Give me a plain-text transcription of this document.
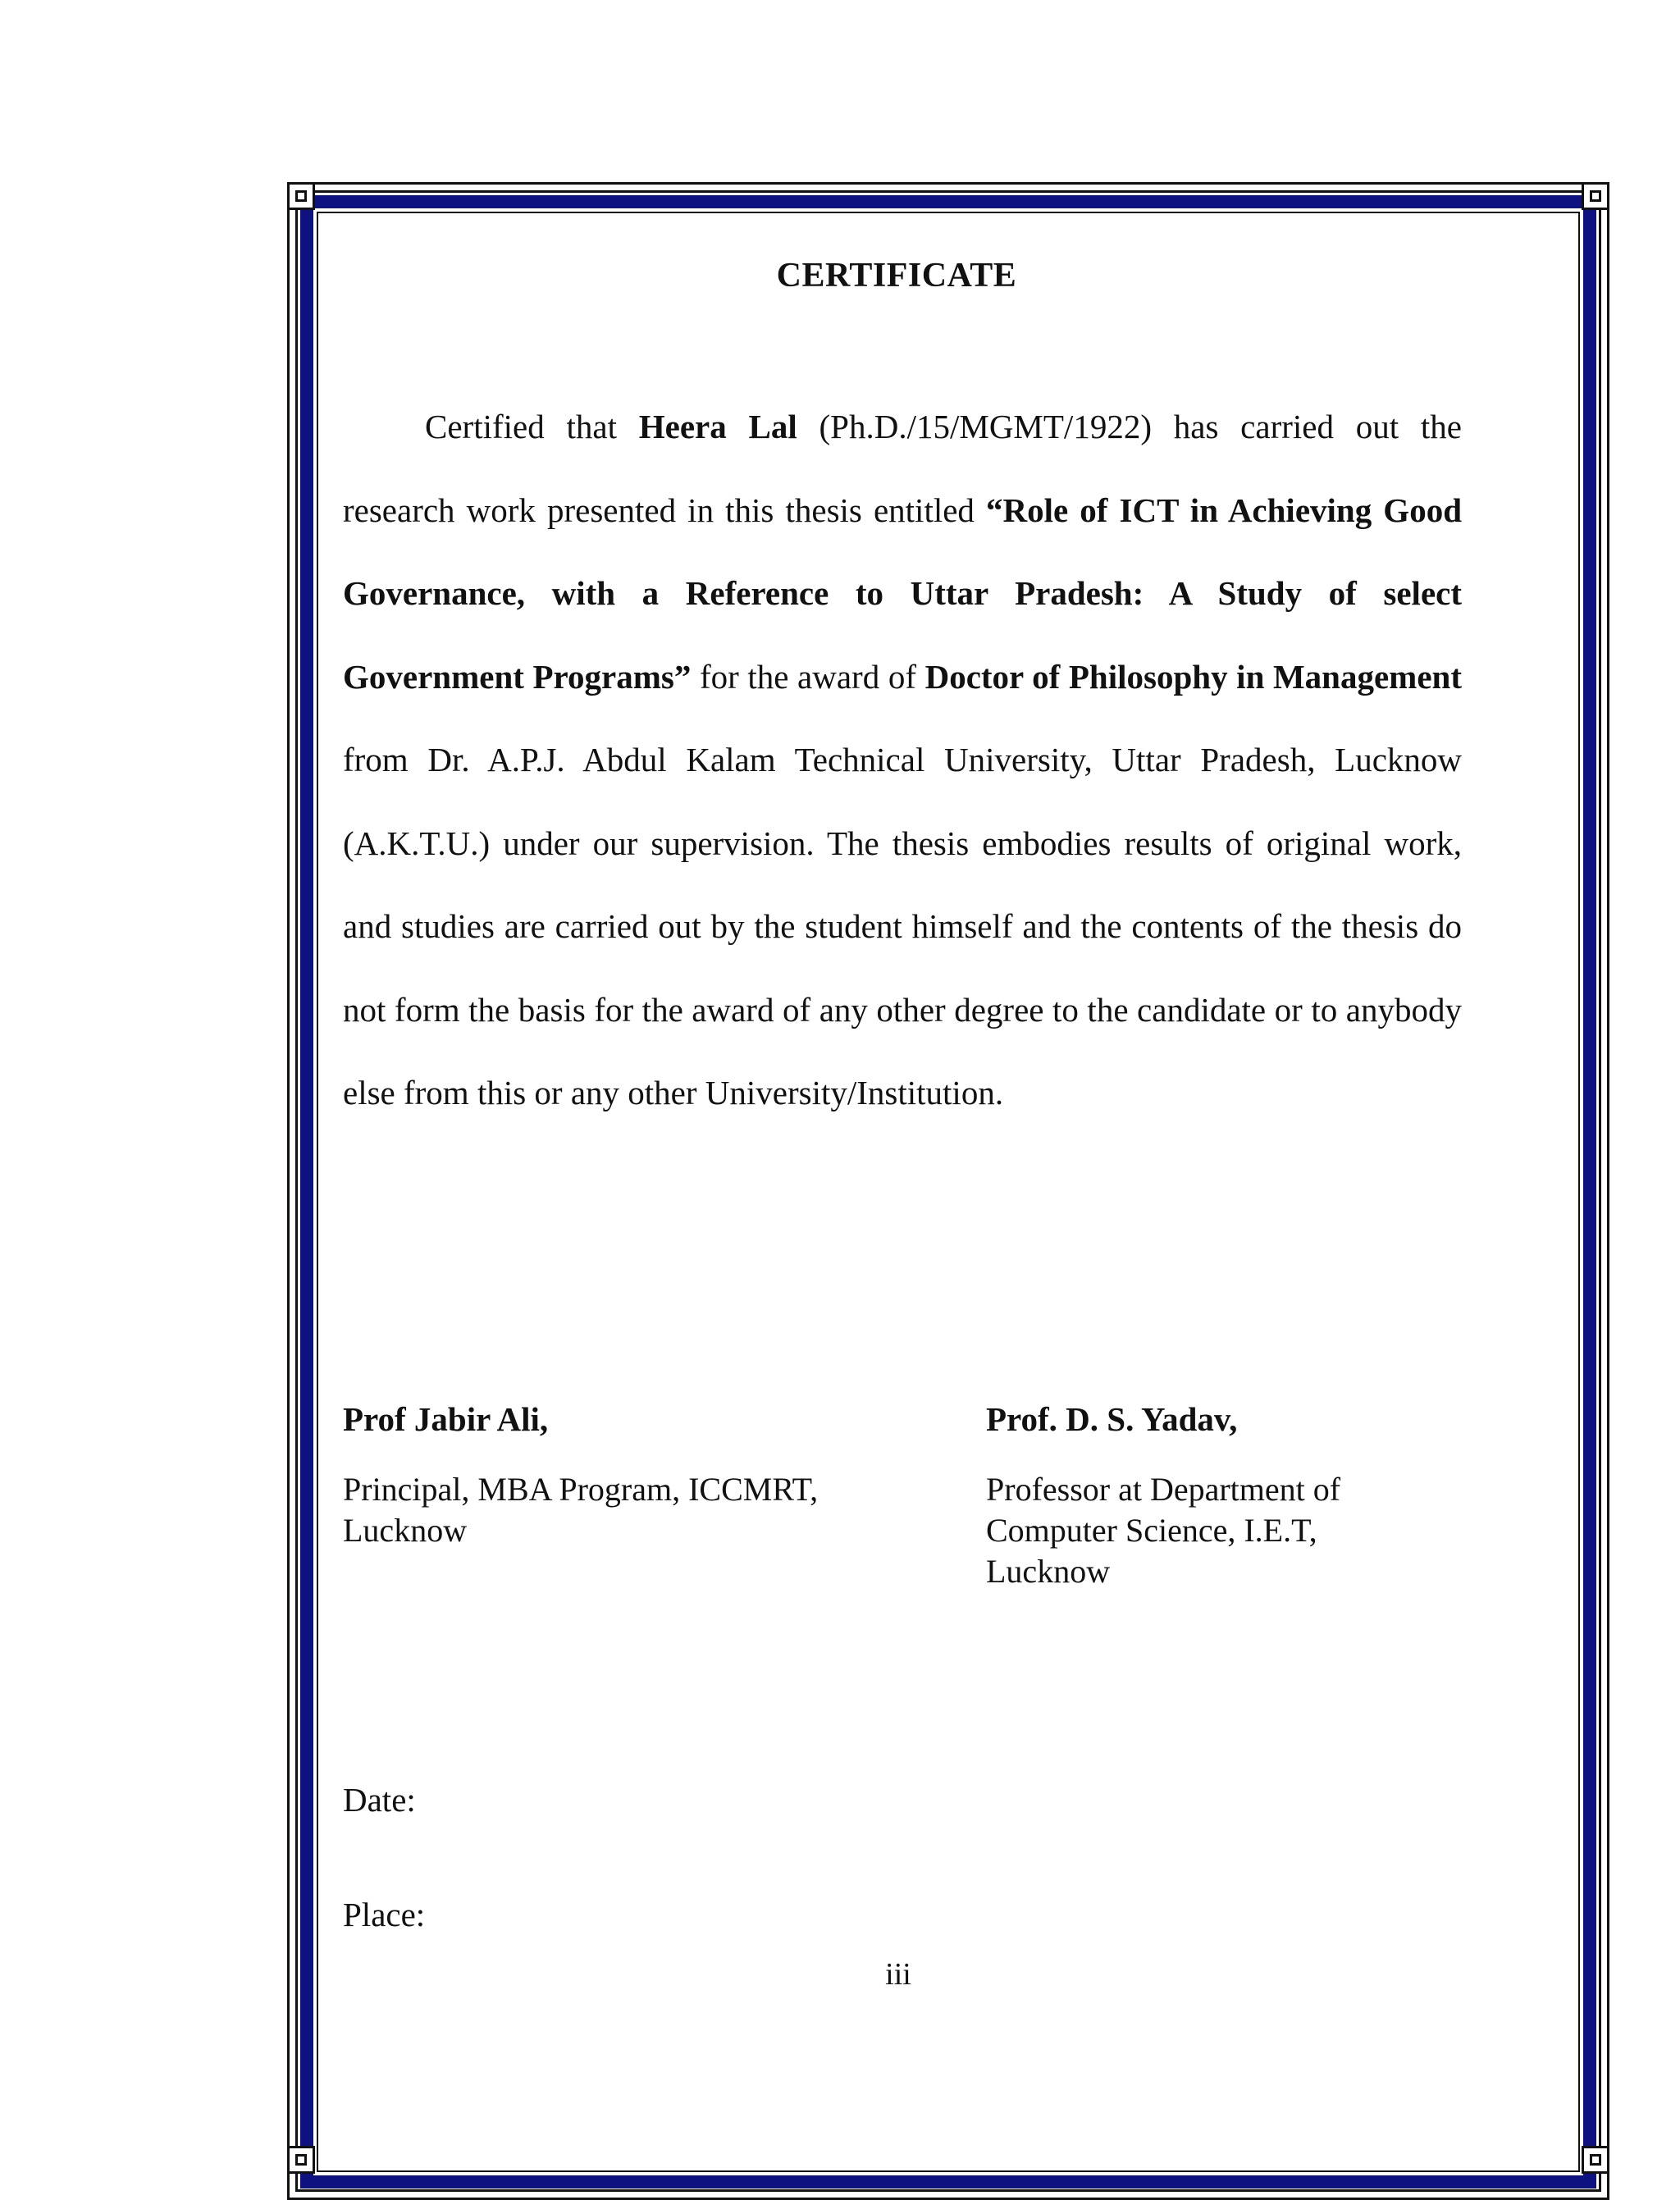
CERTIFICATE
Certified that Heera Lal (Ph.D./15/MGMT/1922) has carried out the research work presented in this thesis entitled “Role of ICT in Achieving Good Governance, with a Reference to Uttar Pradesh: A Study of select Government Programs” for the award of Doctor of Philosophy in Management from Dr. A.P.J. Abdul Kalam Technical University, Uttar Pradesh, Lucknow (A.K.T.U.) under our supervision. The thesis embodies results of original work, and studies are carried out by the student himself and the contents of the thesis do not form the basis for the award of any other degree to the candidate or to anybody else from this or any other University/Institution.
Prof Jabir Ali,
Principal, MBA Program, ICCMRT,
Lucknow
Prof. D. S. Yadav,
Professor at Department of
Computer Science, I.E.T,
Lucknow
Date:
Place:
iii
